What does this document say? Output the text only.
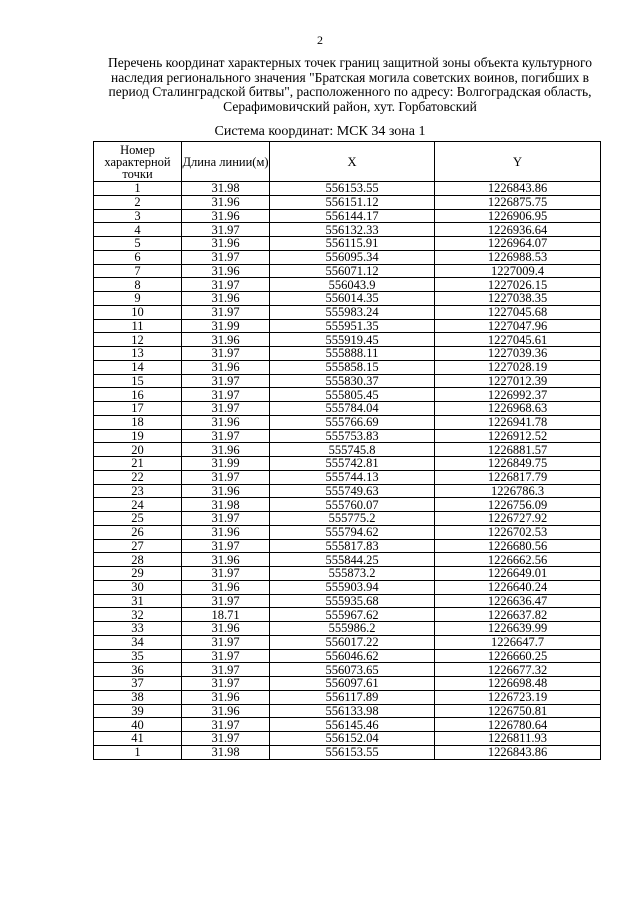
2
Перечень координат характерных точек границ защитной зоны объекта культурного наследия регионального значения "Братская могила советских воинов, погибших в период Сталинградской битвы", расположенного по адресу: Волгоградская область, Серафимовичский район, хут. Горбатовский
Система координат: МСК 34 зона 1
Номер характерной точки	Длина линии(м)	X	Y
1	31.98	556153.55	1226843.86
2	31.96	556151.12	1226875.75
3	31.96	556144.17	1226906.95
4	31.97	556132.33	1226936.64
5	31.96	556115.91	1226964.07
6	31.97	556095.34	1226988.53
7	31.96	556071.12	1227009.4
8	31.97	556043.9	1227026.15
9	31.96	556014.35	1227038.35
10	31.97	555983.24	1227045.68
11	31.99	555951.35	1227047.96
12	31.96	555919.45	1227045.61
13	31.97	555888.11	1227039.36
14	31.96	555858.15	1227028.19
15	31.97	555830.37	1227012.39
16	31.97	555805.45	1226992.37
17	31.97	555784.04	1226968.63
18	31.96	555766.69	1226941.78
19	31.97	555753.83	1226912.52
20	31.96	555745.8	1226881.57
21	31.99	555742.81	1226849.75
22	31.97	555744.13	1226817.79
23	31.96	555749.63	1226786.3
24	31.98	555760.07	1226756.09
25	31.97	555775.2	1226727.92
26	31.96	555794.62	1226702.53
27	31.97	555817.83	1226680.56
28	31.96	555844.25	1226662.56
29	31.97	555873.2	1226649.01
30	31.96	555903.94	1226640.24
31	31.97	555935.68	1226636.47
32	18.71	555967.62	1226637.82
33	31.96	555986.2	1226639.99
34	31.97	556017.22	1226647.7
35	31.97	556046.62	1226660.25
36	31.97	556073.65	1226677.32
37	31.97	556097.61	1226698.48
38	31.96	556117.89	1226723.19
39	31.96	556133.98	1226750.81
40	31.97	556145.46	1226780.64
41	31.97	556152.04	1226811.93
1	31.98	556153.55	1226843.86
